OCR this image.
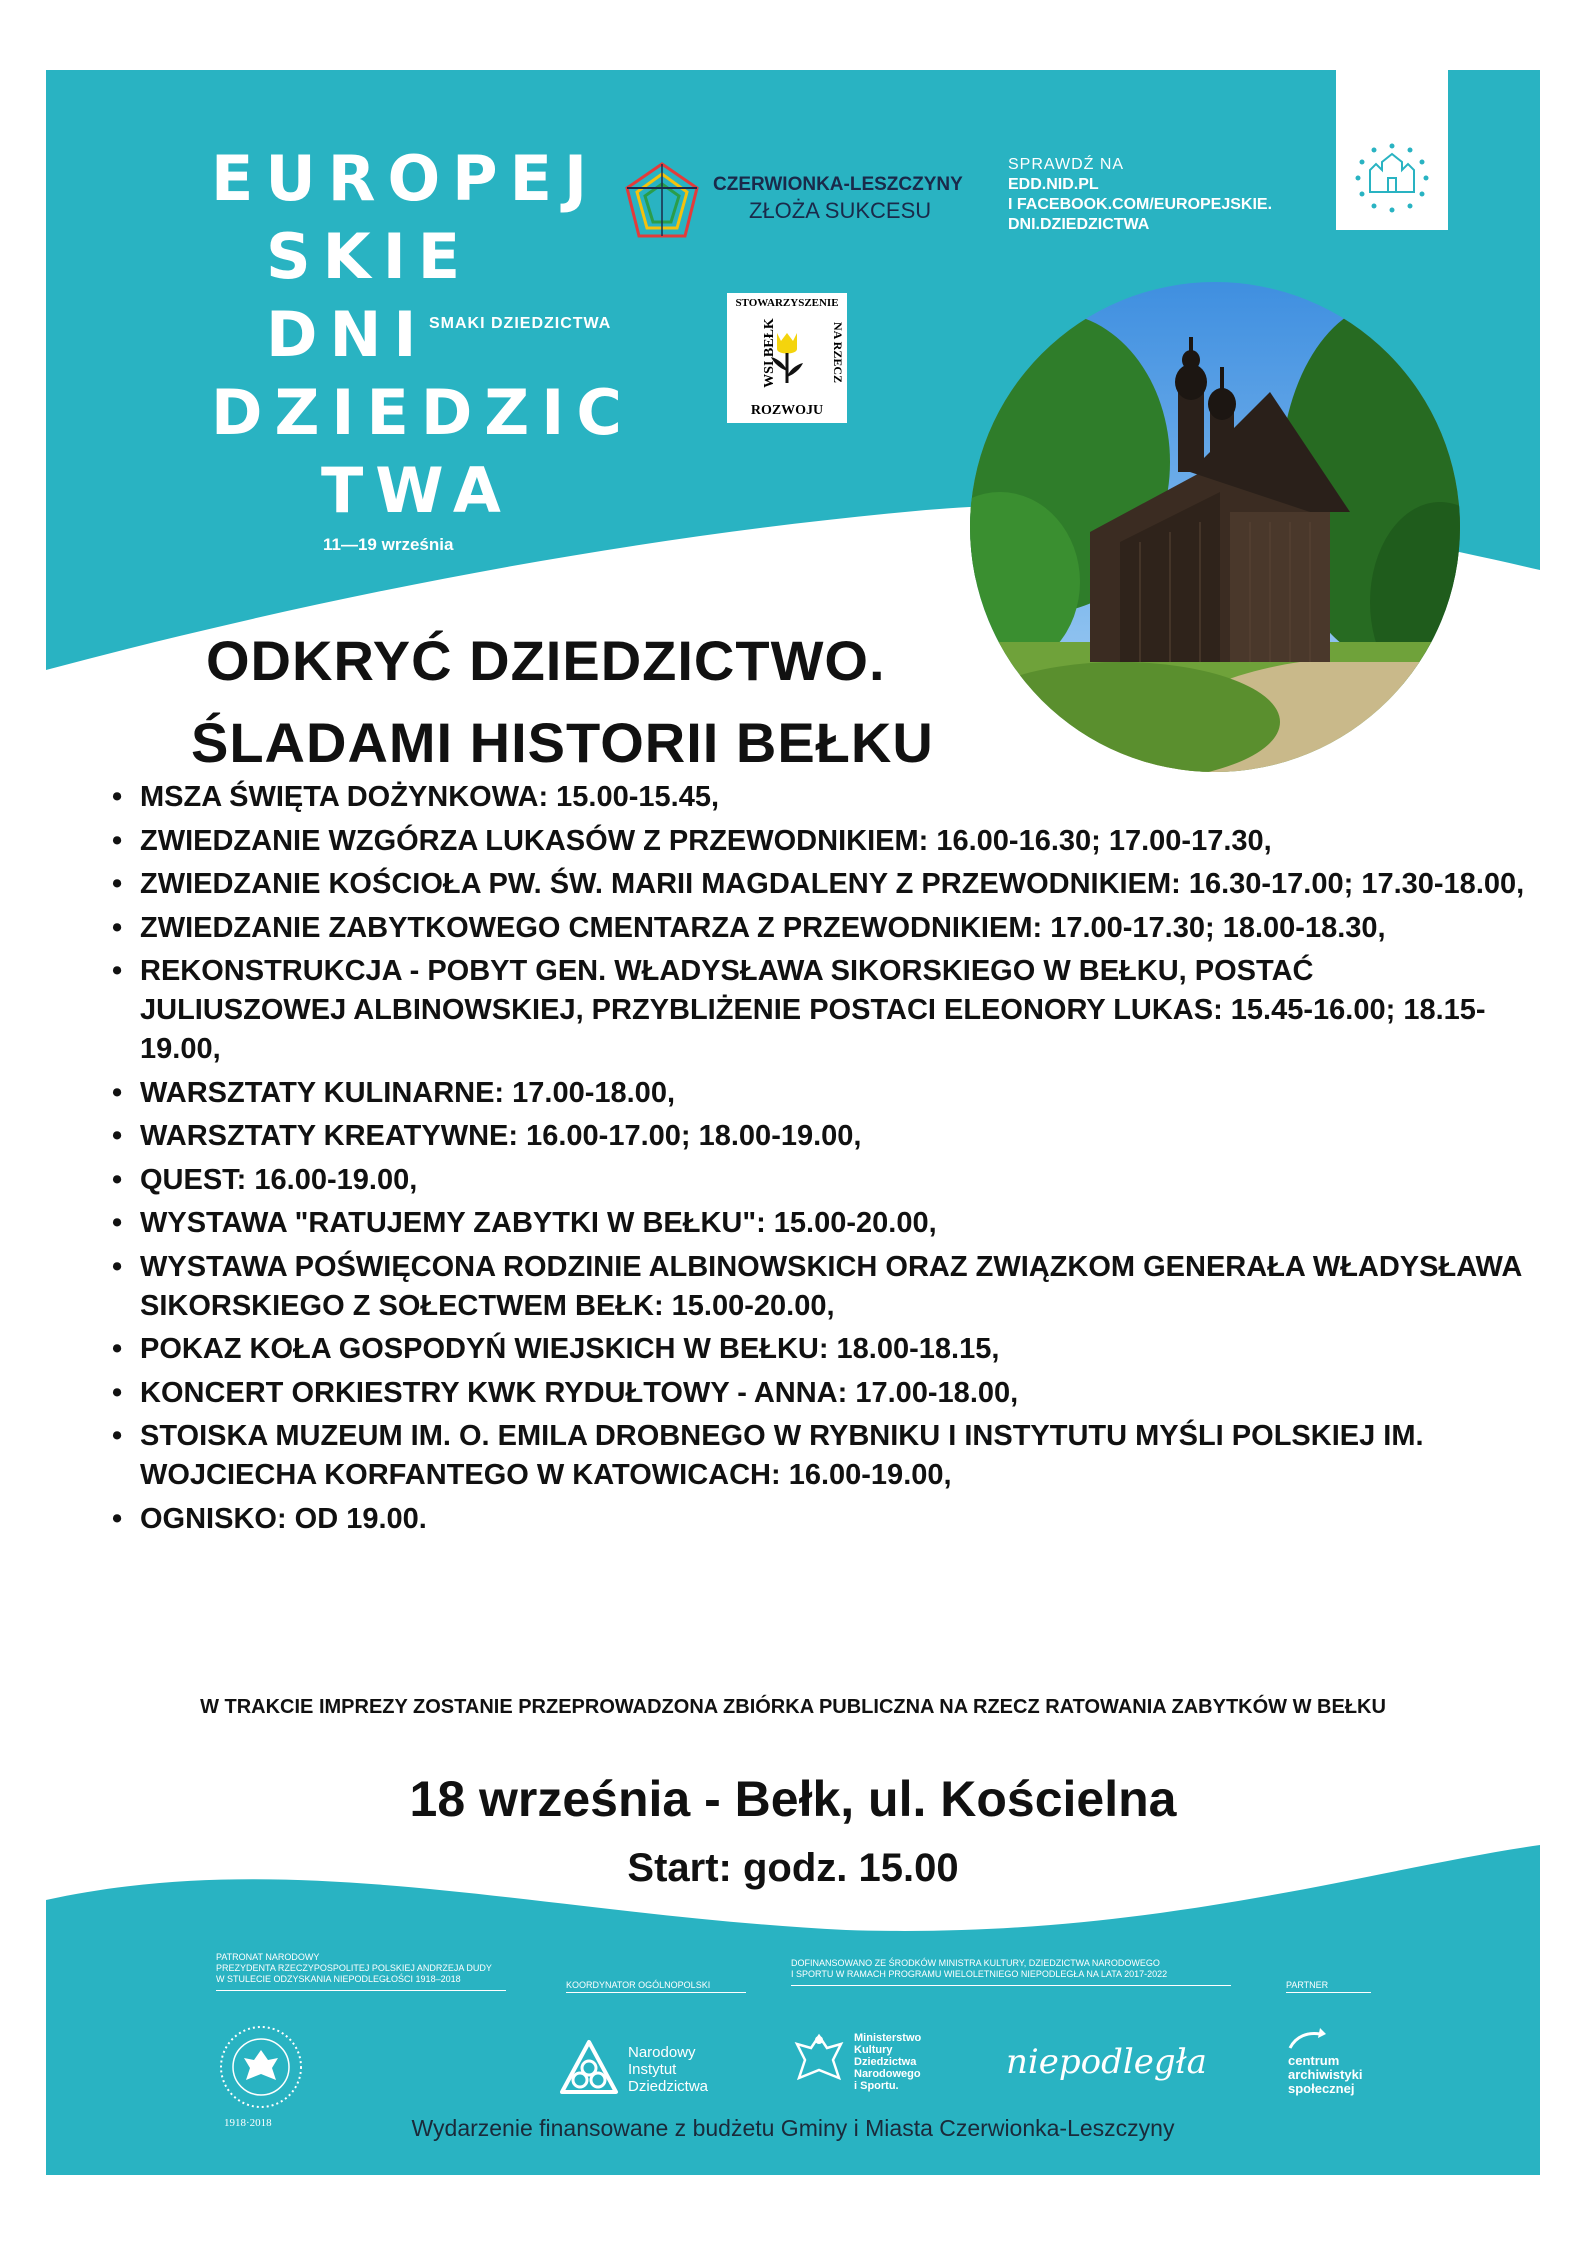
EUROPEJ
SKIE
DNI SMAKI DZIEDZICTWA
DZIEDZIC
TWA
11—19 września
CZERWIONKA-LESZCZYNY
ZŁOŻA SUKCESU
SPRAWDŹ NA
EDD.NID.PL
I FACEBOOK.COM/EUROPEJSKIE.
DNI.DZIEDZICTWA
STOWARZYSZENIE
WSI BEŁK	NA RZECZ
ROZWOJU
ODKRYĆ DZIEDZICTWO.
ŚLADAMI HISTORII BEŁKU
• MSZA ŚWIĘTA DOŻYNKOWA: 15.00-15.45,
• ZWIEDZANIE WZGÓRZA LUKASÓW Z PRZEWODNIKIEM: 16.00-16.30; 17.00-17.30,
• ZWIEDZANIE KOŚCIOŁA PW. ŚW. MARII MAGDALENY Z PRZEWODNIKIEM: 16.30-17.00; 17.30-18.00,
• ZWIEDZANIE ZABYTKOWEGO CMENTARZA Z PRZEWODNIKIEM: 17.00-17.30; 18.00-18.30,
• REKONSTRUKCJA - POBYT GEN. WŁADYSŁAWA SIKORSKIEGO W BEŁKU, POSTAĆ JULIUSZOWEJ ALBINOWSKIEJ, PRZYBLIŻENIE POSTACI ELEONORY LUKAS: 15.45-16.00; 18.15-19.00,
• WARSZTATY KULINARNE: 17.00-18.00,
• WARSZTATY KREATYWNE: 16.00-17.00; 18.00-19.00,
• QUEST: 16.00-19.00,
• WYSTAWA "RATUJEMY ZABYTKI W BEŁKU": 15.00-20.00,
• WYSTAWA POŚWIĘCONA RODZINIE ALBINOWSKICH ORAZ ZWIĄZKOM GENERAŁA WŁADYSŁAWA SIKORSKIEGO Z SOŁECTWEM BEŁK: 15.00-20.00,
• POKAZ KOŁA GOSPODYŃ WIEJSKICH W BEŁKU: 18.00-18.15,
• KONCERT ORKIESTRY KWK RYDUŁTOWY - ANNA: 17.00-18.00,
• STOISKA MUZEUM IM. O. EMILA DROBNEGO W RYBNIKU I INSTYTUTU MYŚLI POLSKIEJ IM. WOJCIECHA KORFANTEGO W KATOWICACH: 16.00-19.00,
• OGNISKO: OD 19.00.
W TRAKCIE IMPREZY ZOSTANIE PRZEPROWADZONA ZBIÓRKA PUBLICZNA NA RZECZ RATOWANIA ZABYTKÓW W BEŁKU
18 września - Bełk, ul. Kościelna
Start: godz. 15.00
PATRONAT NARODOWY
PREZYDENTA RZECZYPOSPOLITEJ POLSKIEJ ANDRZEJA DUDY
W STULECIE ODZYSKANIA NIEPODLEGŁOŚCI 1918–2018
KOORDYNATOR OGÓLNOPOLSKI
DOFINANSOWANO ZE ŚRODKÓW MINISTRA KULTURY, DZIEDZICTWA NARODOWEGO
I SPORTU W RAMACH PROGRAMU WIELOLETNIEGO NIEPODLEGŁA NA LATA 2017-2022
PARTNER
1918·2018
Narodowy
Instytut
Dziedzictwa
Ministerstwo
Kultury
Dziedzictwa
Narodowego
i Sportu.
niepodległa	centrum
archiwistyki
społecznej
Wydarzenie finansowane z budżetu Gminy i Miasta Czerwionka-Leszczyny
